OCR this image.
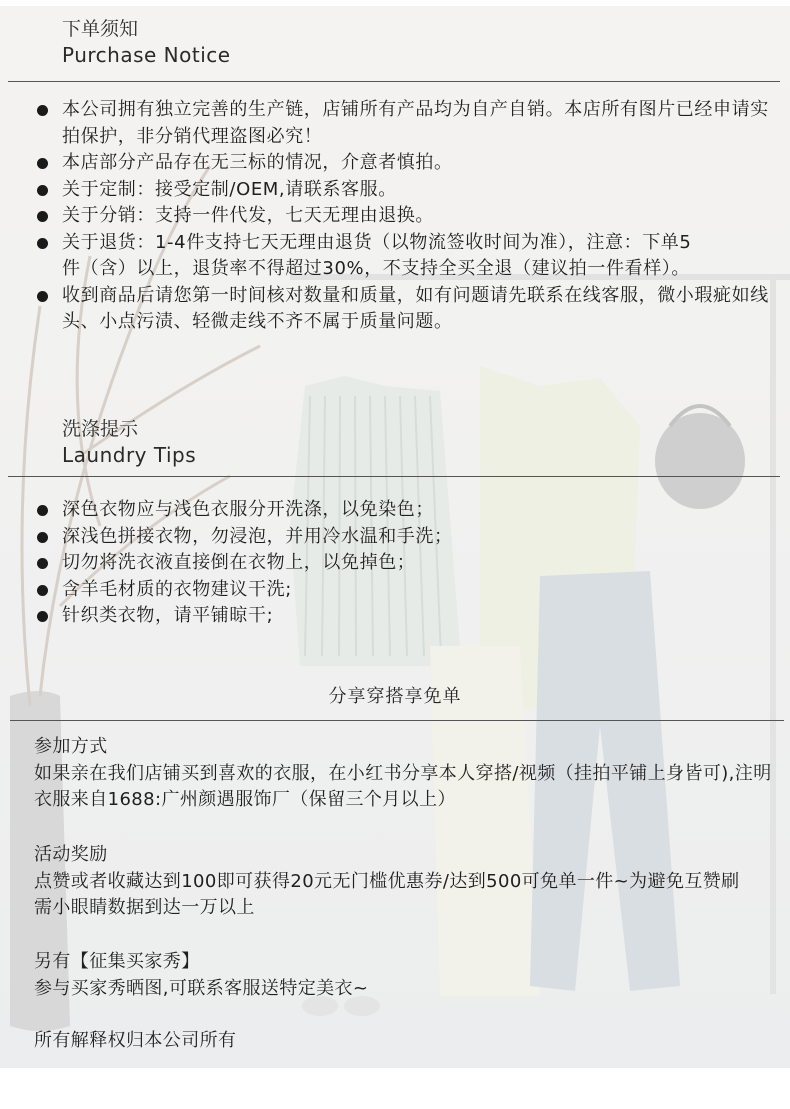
下单须知
Purchase Notice
本公司拥有独立完善的生产链，店铺所有产品均为自产自销。本店所有图片已经申请实拍保护，非分销代理盗图必究！
本店部分产品存在无三标的情况，介意者慎拍。
关于定制：接受定制/OEM,请联系客服。
关于分销：支持一件代发，七天无理由退换。
关于退货：1-4件支持七天无理由退货（以物流签收时间为准），注意：下单5件（含）以上，退货率不得超过30%，不支持全买全退（建议拍一件看样）。
收到商品后请您第一时间核对数量和质量，如有问题请先联系在线客服，微小瑕疵如线头、小点污渍、轻微走线不齐不属于质量问题。
洗涤提示
Laundry Tips
深色衣物应与浅色衣服分开洗涤，以免染色；
深浅色拼接衣物，勿浸泡，并用冷水温和手洗；
切勿将洗衣液直接倒在衣物上，以免掉色；
含羊毛材质的衣物建议干洗;
针织类衣物，请平铺晾干;
分享穿搭享免单
参加方式
如果亲在我们店铺买到喜欢的衣服，在小红书分享本人穿搭/视频（挂拍平铺上身皆可),注明衣服来自1688:广州颜遇服饰厂（保留三个月以上）
活动奖励
点赞或者收藏达到100即可获得20元无门槛优惠券/达到500可免单一件~为避免互赞刷需小眼睛数据到达一万以上
另有【征集买家秀】
参与买家秀晒图,可联系客服送特定美衣~
所有解释权归本公司所有
